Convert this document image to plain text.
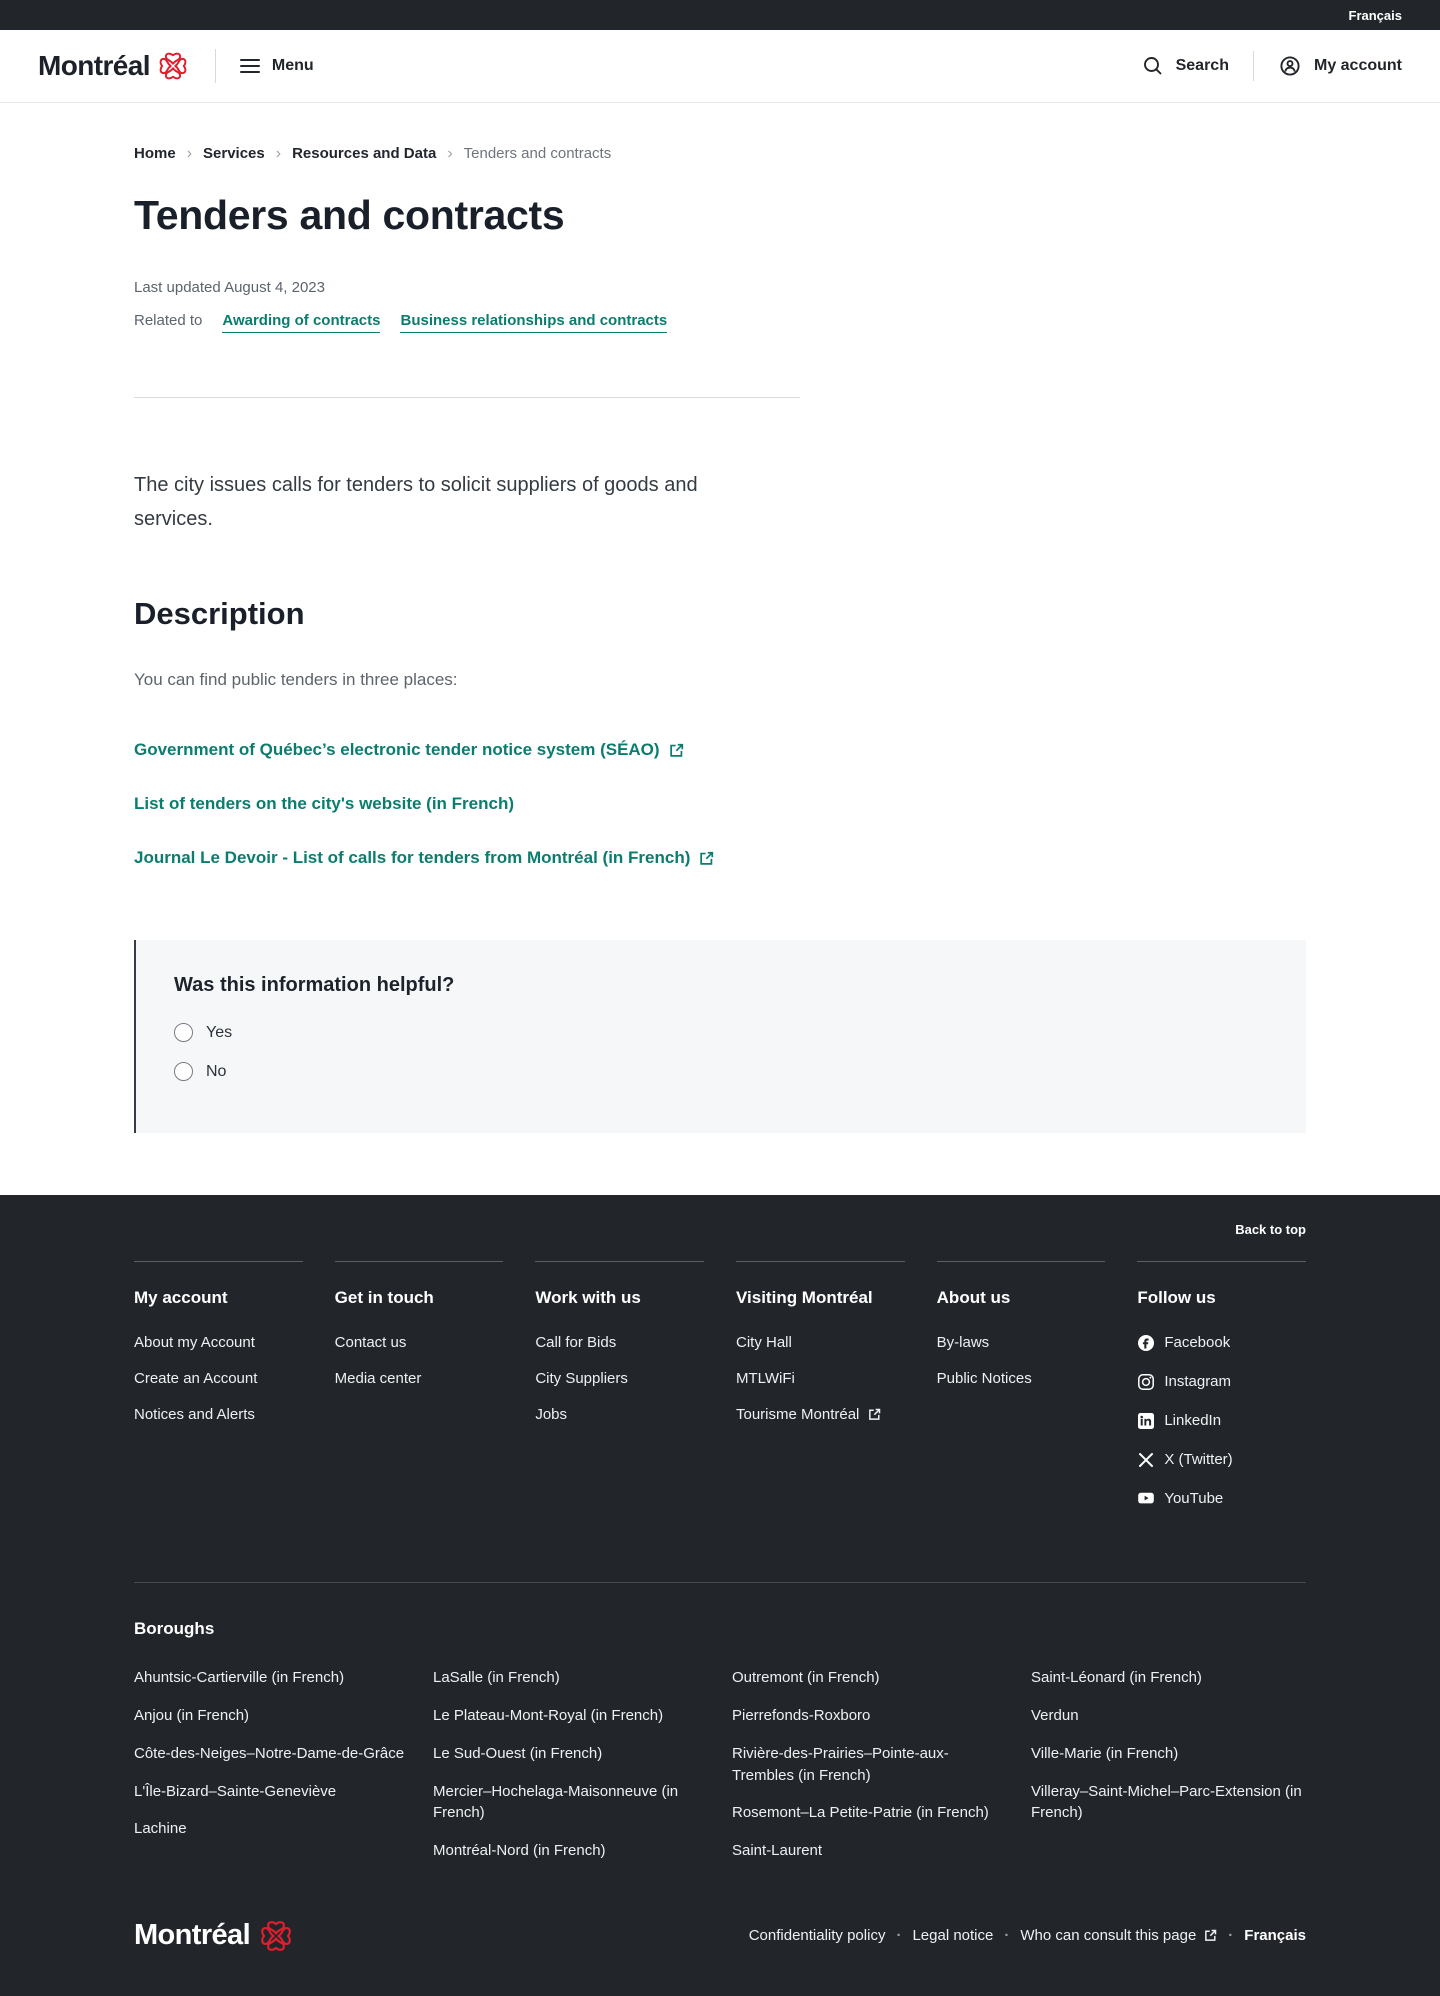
Français
Montréal	Menu	Search	My account
Home › Services › Resources and Data › Tenders and contracts
Tenders and contracts

Last updated August 4, 2023

Related to Awarding of contracts Business relationships and contracts

The city issues calls for tenders to solicit suppliers of goods and services.

Description

You can find public tenders in three places:

Government of Québec’s electronic tender notice system (SÉAO)
List of tenders on the city's website (in French)
Journal Le Devoir - List of calls for tenders from Montréal (in French)
Was this information helpful?
Yes
No
Back to top
My account
About my Account
Create an Account
Notices and Alerts
Get in touch
Contact us
Media center
Work with us
Call for Bids
City Suppliers
Jobs
Visiting Montréal
City Hall
MTLWiFi
Tourisme Montréal
About us
By-laws
Public Notices
Follow us
Facebook
Instagram
LinkedIn
X (Twitter)
YouTube
Boroughs
Ahuntsic-Cartierville (in French)
Anjou (in French)
Côte-des-Neiges–Notre-Dame-de-Grâce
L'Île-Bizard–Sainte-Geneviève
Lachine
LaSalle (in French)
Le Plateau-Mont-Royal (in French)
Le Sud-Ouest (in French)
Mercier–Hochelaga-Maisonneuve (in French)
Montréal-Nord (in French)
Outremont (in French)
Pierrefonds-Roxboro
Rivière-des-Prairies–Pointe-aux-Trembles (in French)
Rosemont–La Petite-Patrie (in French)
Saint-Laurent
Saint-Léonard (in French)
Verdun
Ville-Marie (in French)
Villeray–Saint-Michel–Parc-Extension (in French)
Montréal	Confidentiality policy · Legal notice · Who can consult this page ·	Français
